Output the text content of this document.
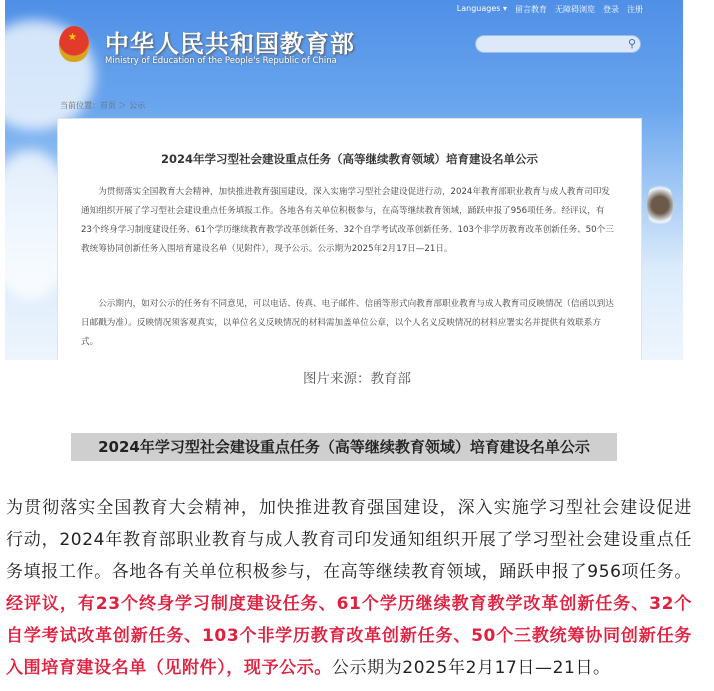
Languages ▾ 留言教育 无障碍浏览 登录 注册
★ 中华人民共和国教育部
Ministry of Education of the People's Republic of China
⚲
当前位置：首页 ＞ 公示
2024年学习型社会建设重点任务（高等继续教育领域）培育建设名单公示

为贯彻落实全国教育大会精神，加快推进教育强国建设，深入实施学习型社会建设促进行动，2024年教育部职业教育与成人教育司印发通知组织开展了学习型社会建设重点任务填报工作。各地各有关单位积极参与，在高等继续教育领域，踊跃申报了956项任务。经评议，有23个终身学习制度建设任务、61个学历继续教育教学改革创新任务、32个自学考试改革创新任务、103个非学历教育改革创新任务、50个三教统筹协同创新任务入围培育建设名单（见附件），现予公示。公示期为2025年2月17日—21日。

公示期内，如对公示的任务有不同意见，可以电话、传真、电子邮件、信函等形式向教育部职业教育与成人教育司反映情况（信函以到达日邮戳为准）。反映情况须客观真实，以单位名义反映情况的材料需加盖单位公章，以个人名义反映情况的材料应署实名并提供有效联系方式。

图片来源：教育部
2024年学习型社会建设重点任务（高等继续教育领域）培育建设名单公示
为贯彻落实全国教育大会精神，加快推进教育强国建设，深入实施学习型社会建设促进行动，2024年教育部职业教育与成人教育司印发通知组织开展了学习型社会建设重点任务填报工作。各地各有关单位积极参与，在高等继续教育领域，踊跃申报了956项任务。经评议，有23个终身学习制度建设任务、61个学历继续教育教学改革创新任务、32个自学考试改革创新任务、103个非学历教育改革创新任务、50个三教统筹协同创新任务入围培育建设名单（见附件），现予公示。公示期为2025年2月17日—21日。
